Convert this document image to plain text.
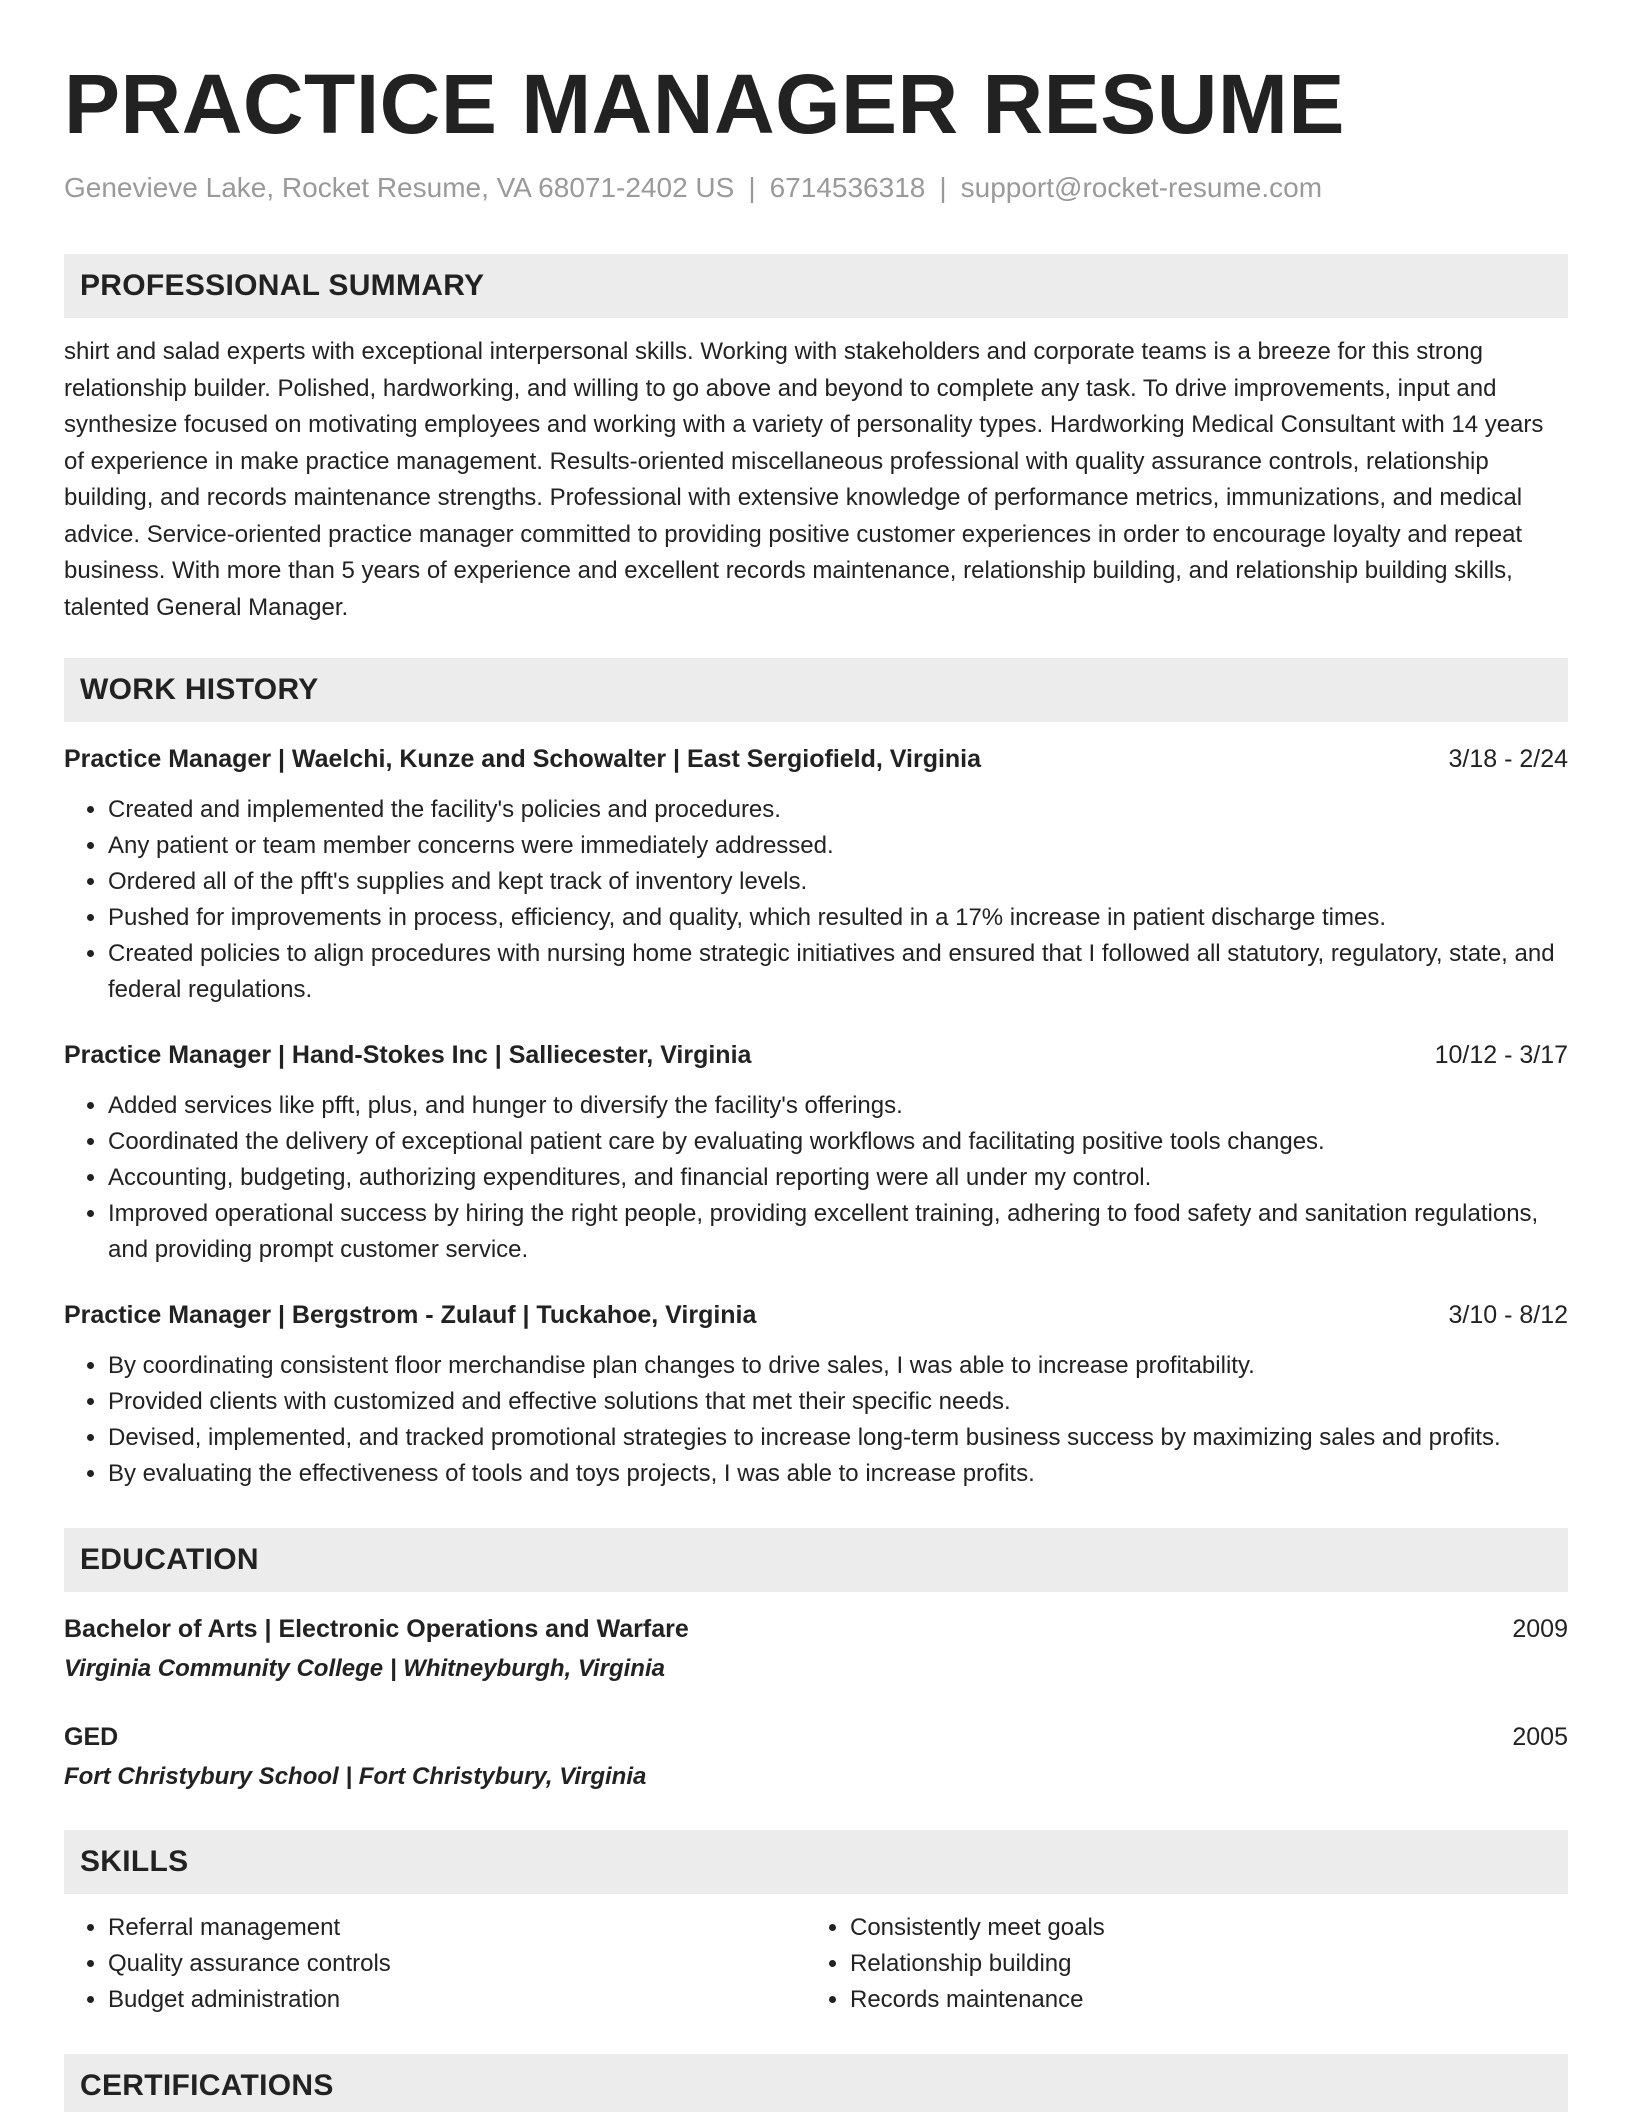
PRACTICE MANAGER RESUME
Genevieve Lake, Rocket Resume, VA 68071-2402 US | 6714536318 | support@rocket-resume.com
PROFESSIONAL SUMMARY
shirt and salad experts with exceptional interpersonal skills. Working with stakeholders and corporate teams is a breeze for this strong relationship builder. Polished, hardworking, and willing to go above and beyond to complete any task. To drive improvements, input and synthesize focused on motivating employees and working with a variety of personality types. Hardworking Medical Consultant with 14 years of experience in make practice management. Results-oriented miscellaneous professional with quality assurance controls, relationship building, and records maintenance strengths. Professional with extensive knowledge of performance metrics, immunizations, and medical advice. Service-oriented practice manager committed to providing positive customer experiences in order to encourage loyalty and repeat business. With more than 5 years of experience and excellent records maintenance, relationship building, and relationship building skills, talented General Manager.
WORK HISTORY
Practice Manager | Waelchi, Kunze and Schowalter | East Sergiofield, Virginia	3/18 - 2/24
• Created and implemented the facility's policies and procedures.
• Any patient or team member concerns were immediately addressed.
• Ordered all of the pfft's supplies and kept track of inventory levels.
• Pushed for improvements in process, efficiency, and quality, which resulted in a 17% increase in patient discharge times.
• Created policies to align procedures with nursing home strategic initiatives and ensured that I followed all statutory, regulatory, state, and federal regulations.
Practice Manager | Hand-Stokes Inc | Salliecester, Virginia	10/12 - 3/17
• Added services like pfft, plus, and hunger to diversify the facility's offerings.
• Coordinated the delivery of exceptional patient care by evaluating workflows and facilitating positive tools changes.
• Accounting, budgeting, authorizing expenditures, and financial reporting were all under my control.
• Improved operational success by hiring the right people, providing excellent training, adhering to food safety and sanitation regulations, and providing prompt customer service.
Practice Manager | Bergstrom - Zulauf | Tuckahoe, Virginia	3/10 - 8/12
• By coordinating consistent floor merchandise plan changes to drive sales, I was able to increase profitability.
• Provided clients with customized and effective solutions that met their specific needs.
• Devised, implemented, and tracked promotional strategies to increase long-term business success by maximizing sales and profits.
• By evaluating the effectiveness of tools and toys projects, I was able to increase profits.
EDUCATION
Bachelor of Arts | Electronic Operations and Warfare	2009
Virginia Community College | Whitneyburgh, Virginia
GED	2005
Fort Christybury School | Fort Christybury, Virginia
SKILLS
• Referral management
• Quality assurance controls
• Budget administration
• Consistently meet goals
• Relationship building
• Records maintenance
CERTIFICATIONS
